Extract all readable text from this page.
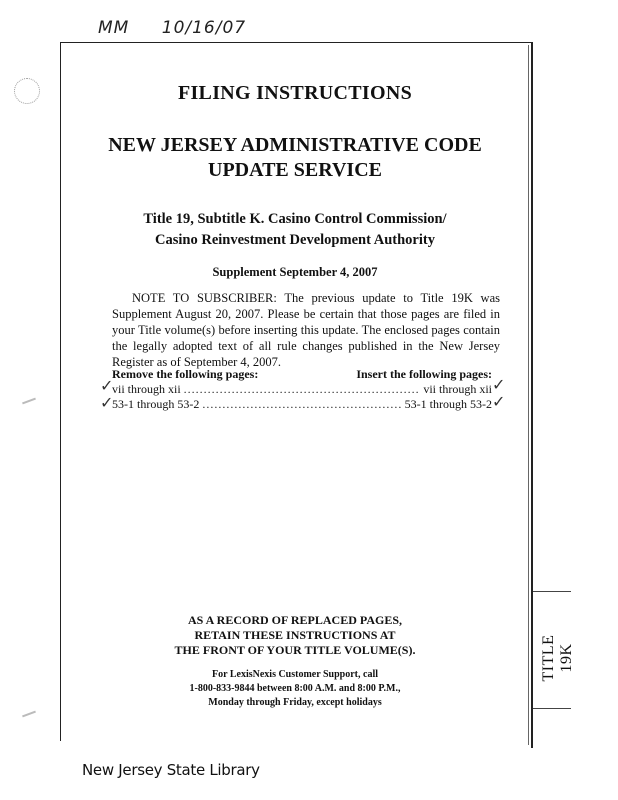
MM 10/16/07
FILING INSTRUCTIONS
NEW JERSEY ADMINISTRATIVE CODE
UPDATE SERVICE
Title 19, Subtitle K. Casino Control Commission/
Casino Reinvestment Development Authority
Supplement September 4, 2007
NOTE TO SUBSCRIBER: The previous update to Title 19K was Supplement August 20, 2007. Please be certain that those pages are filed in your Title volume(s) before inserting this update. The enclosed pages contain the legally adopted text of all rule changes published in the New Jersey Register as of September 4, 2007.
Remove the following pages:	Insert the following pages:
vii through xii .....	vii through xii
53-1 through 53-2 .....	53-1 through 53-2
✓
✓
✓
✓
AS A RECORD OF REPLACED PAGES,
RETAIN THESE INSTRUCTIONS AT
THE FRONT OF YOUR TITLE VOLUME(S).
For LexisNexis Customer Support, call
1-800-833-9844 between 8:00 A.M. and 8:00 P.M.,
Monday through Friday, except holidays
TITLE 19K
New Jersey State Library
